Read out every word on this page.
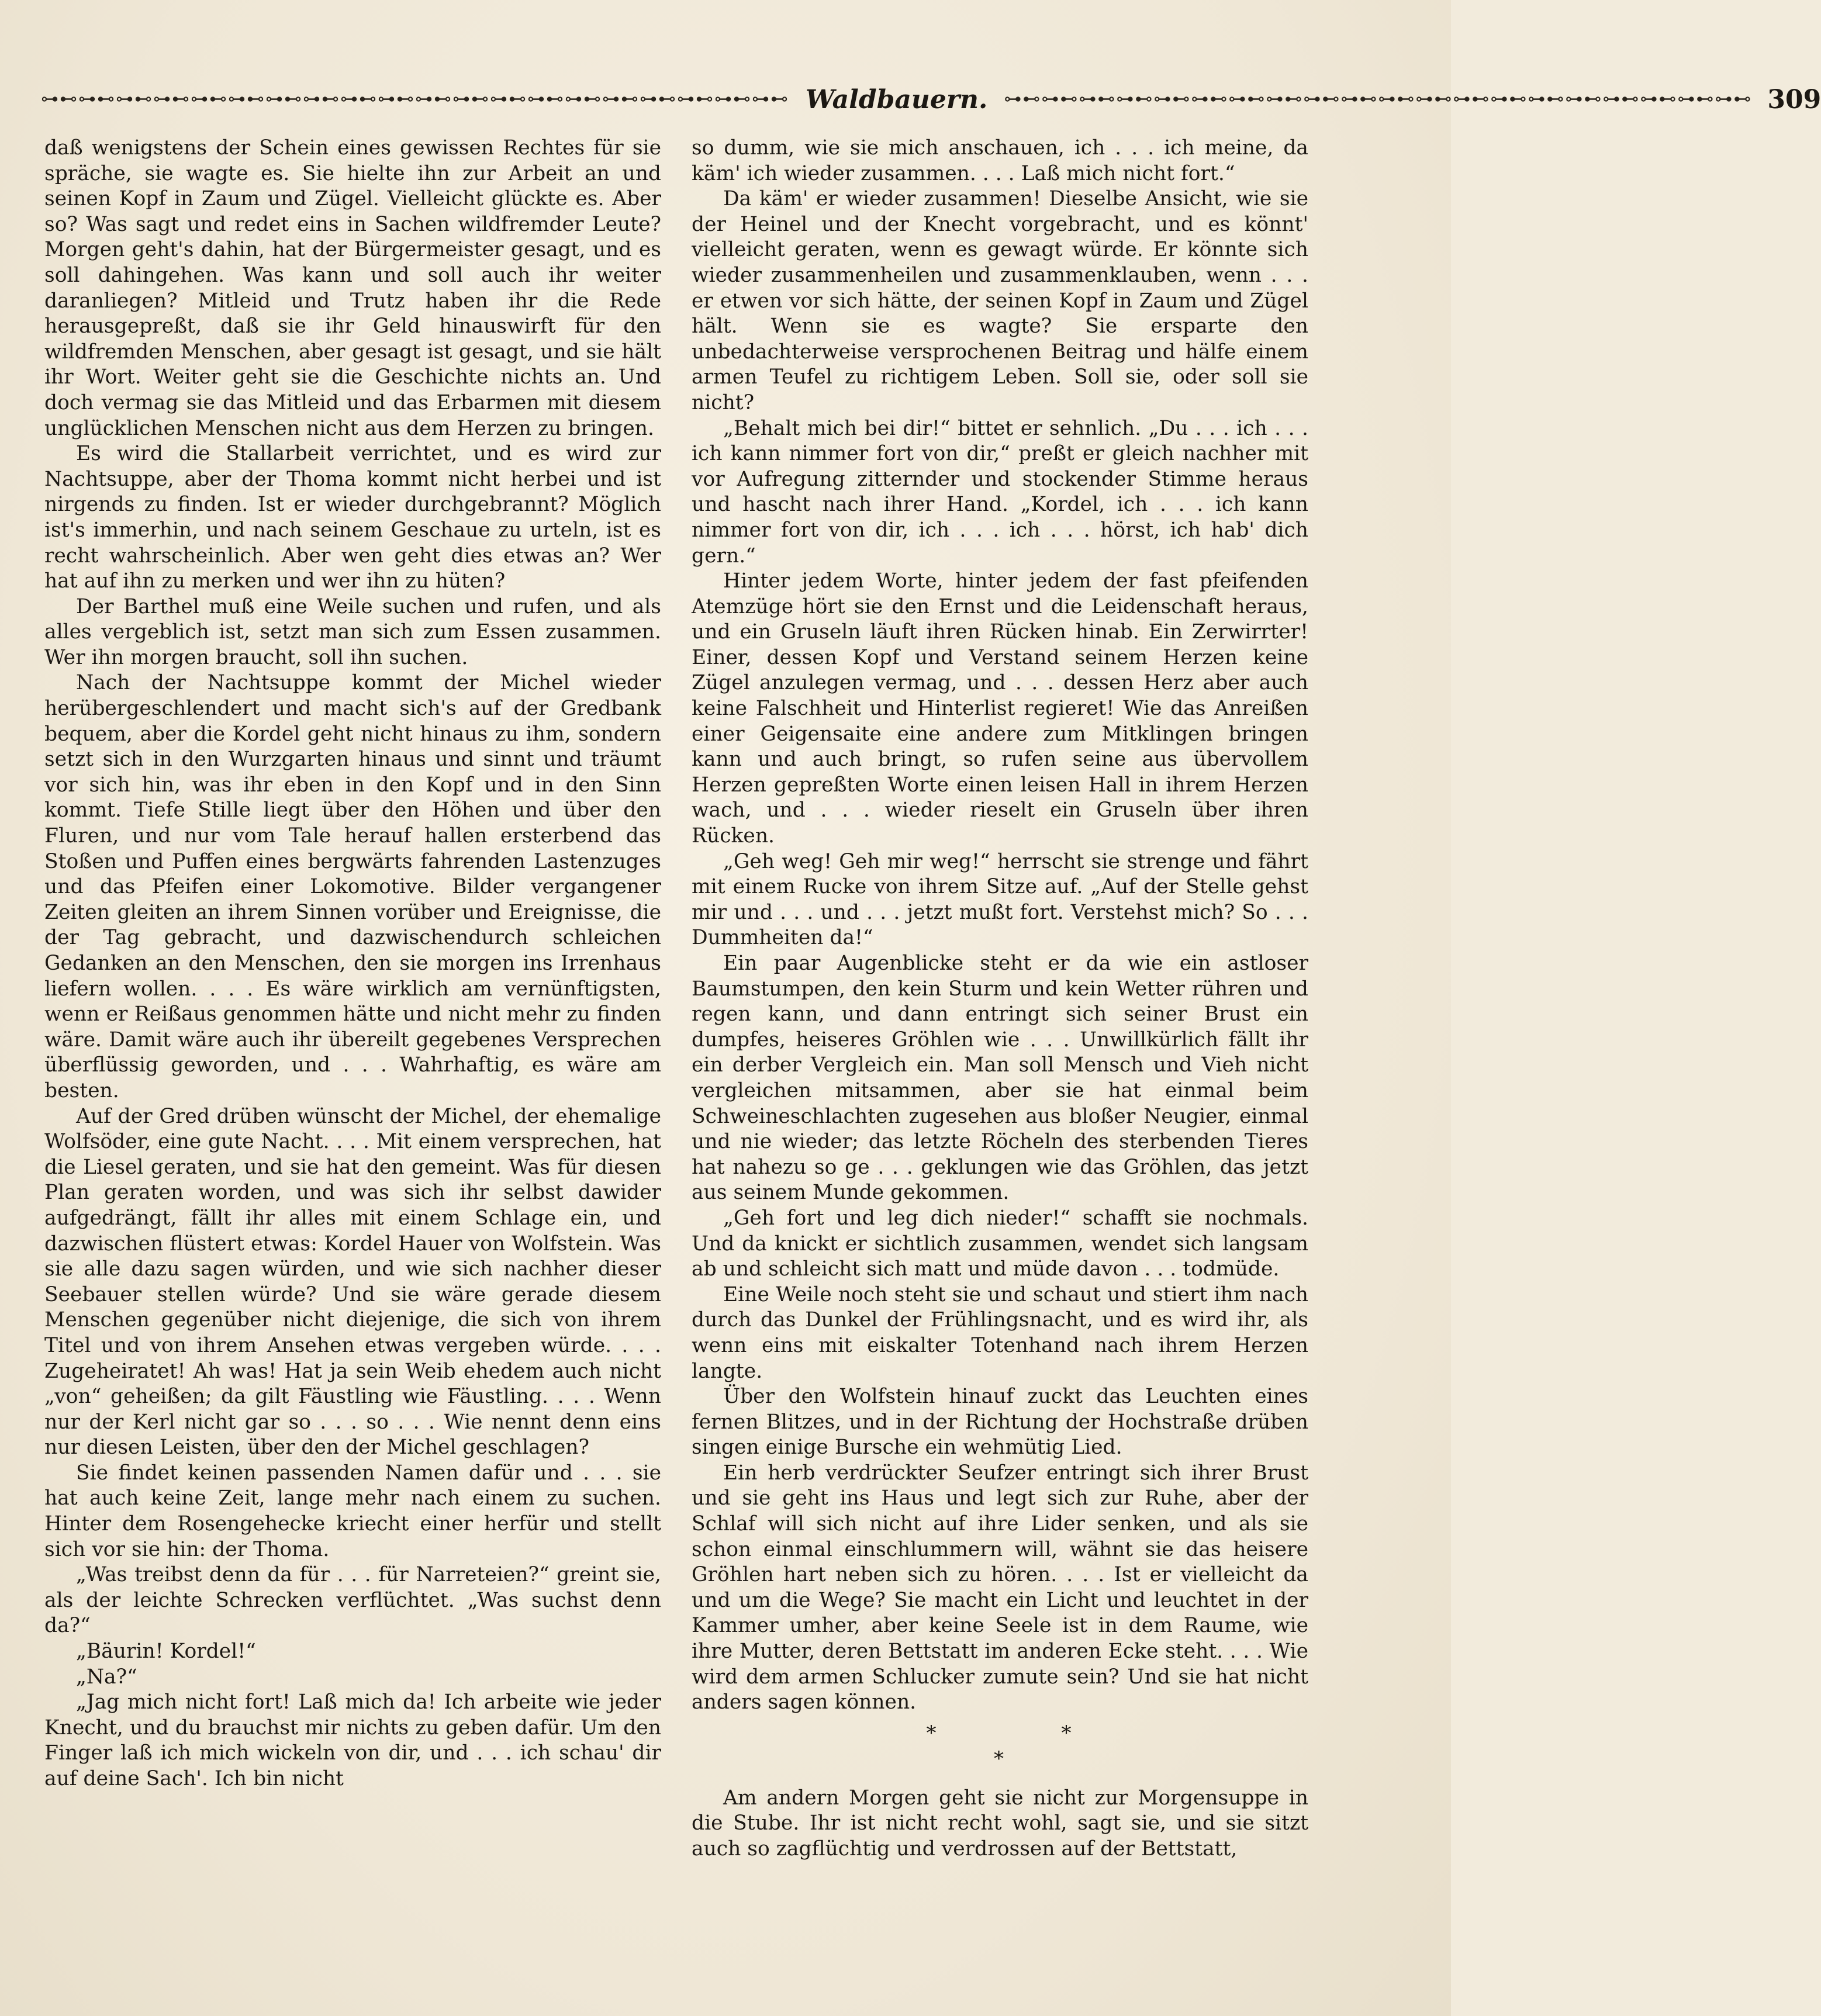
⊶⊷⊶⊷⊶⊷⊶⊷⊶⊷⊶⊷⊶⊷⊶⊷⊶⊷⊶⊷⊶⊷⊶⊷⊶⊷⊶⊷⊶⊷⊶⊷⊶⊷⊶⊷⊶⊷⊶⊷ Waldbauern. ⊶⊷⊶⊷⊶⊷⊶⊷⊶⊷⊶⊷⊶⊷⊶⊷⊶⊷⊶⊷⊶⊷⊶⊷⊶⊷⊶⊷⊶⊷⊶⊷⊶⊷⊶⊷⊶⊷⊶⊷ 309

daß wenigstens der Schein eines gewissen Rechtes für sie spräche, sie wagte es. Sie hielte ihn zur Arbeit an und seinen Kopf in Zaum und Zügel. Vielleicht glückte es. Aber so? Was sagt und redet eins in Sachen wildfremder Leute? Morgen geht's dahin, hat der Bürgermeister gesagt, und es soll dahingehen. Was kann und soll auch ihr weiter daranliegen? Mitleid und Trutz haben ihr die Rede herausgepreßt, daß sie ihr Geld hinauswirft für den wildfremden Menschen, aber gesagt ist gesagt, und sie hält ihr Wort. Weiter geht sie die Geschichte nichts an. Und doch vermag sie das Mitleid und das Erbarmen mit diesem unglücklichen Menschen nicht aus dem Herzen zu bringen.

Es wird die Stallarbeit verrichtet, und es wird zur Nachtsuppe, aber der Thoma kommt nicht herbei und ist nirgends zu finden. Ist er wieder durchgebrannt? Möglich ist's immerhin, und nach seinem Geschaue zu urteln, ist es recht wahrscheinlich. Aber wen geht dies etwas an? Wer hat auf ihn zu merken und wer ihn zu hüten?

Der Barthel muß eine Weile suchen und rufen, und als alles vergeblich ist, setzt man sich zum Essen zusammen. Wer ihn morgen braucht, soll ihn suchen.

Nach der Nachtsuppe kommt der Michel wieder herübergeschlendert und macht sich's auf der Gredbank bequem, aber die Kordel geht nicht hinaus zu ihm, sondern setzt sich in den Wurzgarten hinaus und sinnt und träumt vor sich hin, was ihr eben in den Kopf und in den Sinn kommt. Tiefe Stille liegt über den Höhen und über den Fluren, und nur vom Tale herauf hallen ersterbend das Stoßen und Puffen eines bergwärts fahrenden Lastenzuges und das Pfeifen einer Lokomotive. Bilder vergangener Zeiten gleiten an ihrem Sinnen vorüber und Ereignisse, die der Tag gebracht, und dazwischendurch schleichen Gedanken an den Menschen, den sie morgen ins Irrenhaus liefern wollen. . . . Es wäre wirklich am vernünftigsten, wenn er Reißaus genommen hätte und nicht mehr zu finden wäre. Damit wäre auch ihr übereilt gegebenes Versprechen überflüssig geworden, und . . . Wahrhaftig, es wäre am besten.

Auf der Gred drüben wünscht der Michel, der ehemalige Wolfsöder, eine gute Nacht. . . . Mit einem versprechen, hat die Liesel geraten, und sie hat den gemeint. Was für diesen Plan geraten worden, und was sich ihr selbst dawider aufgedrängt, fällt ihr alles mit einem Schlage ein, und dazwischen flüstert etwas: Kordel Hauer von Wolfstein. Was sie alle dazu sagen würden, und wie sich nachher dieser Seebauer stellen würde? Und sie wäre gerade diesem Menschen gegenüber nicht diejenige, die sich von ihrem Titel und von ihrem Ansehen etwas vergeben würde. . . . Zugeheiratet! Ah was! Hat ja sein Weib ehedem auch nicht „von“ geheißen; da gilt Fäustling wie Fäustling. . . . Wenn nur der Kerl nicht gar so . . . so . . . Wie nennt denn eins nur diesen Leisten, über den der Michel geschlagen?

Sie findet keinen passenden Namen dafür und . . . sie hat auch keine Zeit, lange mehr nach einem zu suchen. Hinter dem Rosengehecke kriecht einer herfür und stellt sich vor sie hin: der Thoma.

„Was treibst denn da für . . . für Narreteien?“ greint sie, als der leichte Schrecken verflüchtet. „Was suchst denn da?“

„Bäurin! Kordel!“

„Na?“

„Jag mich nicht fort! Laß mich da! Ich arbeite wie jeder Knecht, und du brauchst mir nichts zu geben dafür. Um den Finger laß ich mich wickeln von dir, und . . . ich schau' dir auf deine Sach'. Ich bin nicht

so dumm, wie sie mich anschauen, ich . . . ich meine, da käm' ich wieder zusammen. . . . Laß mich nicht fort.“

Da käm' er wieder zusammen! Dieselbe Ansicht, wie sie der Heinel und der Knecht vorgebracht, und es könnt' vielleicht geraten, wenn es gewagt würde. Er könnte sich wieder zusammenheilen und zusammenklauben, wenn . . . er etwen vor sich hätte, der seinen Kopf in Zaum und Zügel hält. Wenn sie es wagte? Sie ersparte den unbedachterweise versprochenen Beitrag und hälfe einem armen Teufel zu richtigem Leben. Soll sie, oder soll sie nicht?

„Behalt mich bei dir!“ bittet er sehnlich. „Du . . . ich . . . ich kann nimmer fort von dir,“ preßt er gleich nachher mit vor Aufregung zitternder und stockender Stimme heraus und hascht nach ihrer Hand. „Kordel, ich . . . ich kann nimmer fort von dir, ich . . . ich . . . hörst, ich hab' dich gern.“

Hinter jedem Worte, hinter jedem der fast pfeifenden Atemzüge hört sie den Ernst und die Leidenschaft heraus, und ein Gruseln läuft ihren Rücken hinab. Ein Zerwirrter! Einer, dessen Kopf und Verstand seinem Herzen keine Zügel anzulegen vermag, und . . . dessen Herz aber auch keine Falschheit und Hinterlist regieret! Wie das Anreißen einer Geigensaite eine andere zum Mitklingen bringen kann und auch bringt, so rufen seine aus übervollem Herzen gepreßten Worte einen leisen Hall in ihrem Herzen wach, und . . . wieder rieselt ein Gruseln über ihren Rücken.

„Geh weg! Geh mir weg!“ herrscht sie strenge und fährt mit einem Rucke von ihrem Sitze auf. „Auf der Stelle gehst mir und . . . und . . . jetzt mußt fort. Verstehst mich? So . . . Dummheiten da!“

Ein paar Augenblicke steht er da wie ein astloser Baumstumpen, den kein Sturm und kein Wetter rühren und regen kann, und dann entringt sich seiner Brust ein dumpfes, heiseres Gröhlen wie . . . Unwillkürlich fällt ihr ein derber Vergleich ein. Man soll Mensch und Vieh nicht vergleichen mitsammen, aber sie hat einmal beim Schweineschlachten zugesehen aus bloßer Neugier, einmal und nie wieder; das letzte Röcheln des sterbenden Tieres hat nahezu so ge . . . geklungen wie das Gröhlen, das jetzt aus seinem Munde gekommen.

„Geh fort und leg dich nieder!“ schafft sie nochmals. Und da knickt er sichtlich zusammen, wendet sich langsam ab und schleicht sich matt und müde davon . . . todmüde.

Eine Weile noch steht sie und schaut und stiert ihm nach durch das Dunkel der Frühlingsnacht, und es wird ihr, als wenn eins mit eiskalter Totenhand nach ihrem Herzen langte.

Über den Wolfstein hinauf zuckt das Leuchten eines fernen Blitzes, und in der Richtung der Hochstraße drüben singen einige Bursche ein wehmütig Lied.

Ein herb verdrückter Seufzer entringt sich ihrer Brust und sie geht ins Haus und legt sich zur Ruhe, aber der Schlaf will sich nicht auf ihre Lider senken, und als sie schon einmal einschlummern will, wähnt sie das heisere Gröhlen hart neben sich zu hören. . . . Ist er vielleicht da und um die Wege? Sie macht ein Licht und leuchtet in der Kammer umher, aber keine Seele ist in dem Raume, wie ihre Mutter, deren Bettstatt im anderen Ecke steht. . . . Wie wird dem armen Schlucker zumute sein? Und sie hat nicht anders sagen können.

*	*
*

Am andern Morgen geht sie nicht zur Morgensuppe in die Stube. Ihr ist nicht recht wohl, sagt sie, und sie sitzt auch so zagflüchtig und verdrossen auf der Bettstatt,
